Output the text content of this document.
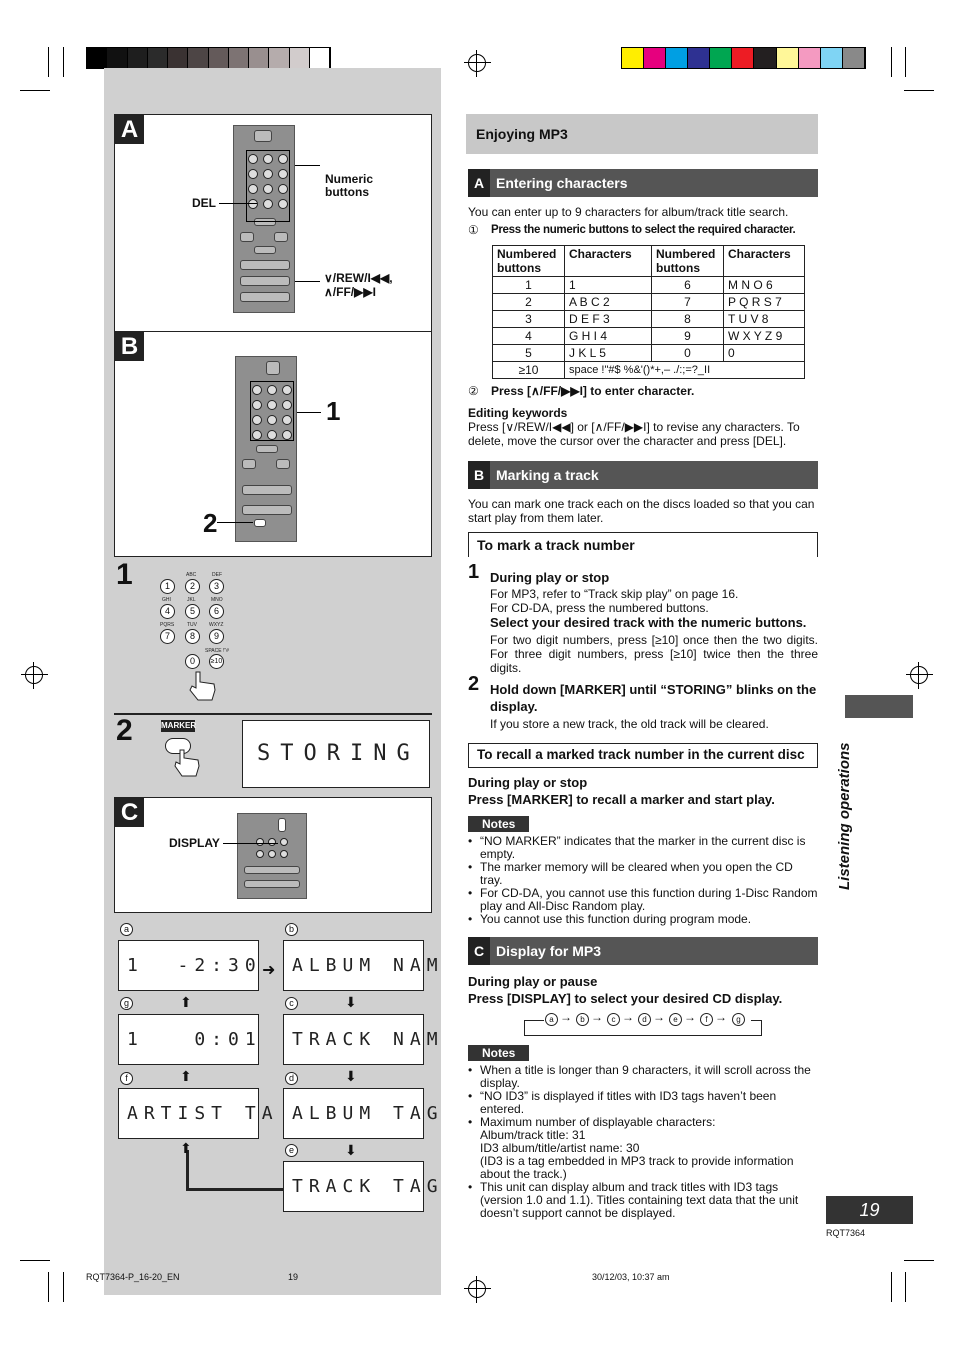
A
Numeric
buttons
DEL
∨/REW/I◀◀,
∧/FF/▶▶I
B
1
2
1	ABC	DEF
1	2	3
GHI	JKL	MNO
4	5	6
PQRS	TUV WXYZ
7	8	9
SPACE !"#
0	≥10
2	MARKER
STORING
C
DISPLAY
a	b
1  -2:30 ➜ ALBUM NAM
g	⬆	c	⬇
1   0:01 TRACK NAM
f	⬆	d	⬇
ARTIST TA ALBUM TAG
e	⬇
TRACK TAG
⬆
Enjoying MP3
A Entering characters
You can enter up to 9 characters for album/track title search.
① Press the numeric buttons to select the required character.
Numbered buttons	Characters	Numbered buttons	Characters
1	1	6	M N O 6
2	A B C 2	7	P Q R S 7
3	D E F 3	8	T U V 8
4	G H I 4	9	W X Y Z 9
5	J K L 5	0	0
≥10	space !"#$ %&'()*+,– ./:;=?_II		
② Press [∧/FF/▶▶I] to enter character.
Editing keywords
Press [∨/REW/I◀◀] or [∧/FF/▶▶I] to revise any characters. To delete, move the cursor over the character and press [DEL].
B Marking a track
You can mark one track each on the discs loaded so that you can start play from them later.
To mark a track number
1 During play or stop
For MP3, refer to “Track skip play” on page 16.
For CD-DA, press the numbered buttons.
Select your desired track with the numeric buttons.
For two digit numbers, press [≥10] once then the two digits. For three digit numbers, press [≥10] twice then the three digits.
2 Hold down [MARKER] until “STORING” blinks on the display.
If you store a new track, the old track will be cleared.
To recall a marked track number in the current disc
During play or stop
Press [MARKER] to recall a marker and start play.
Notes
• “NO MARKER” indicates that the marker in the current disc is empty.
• The marker memory will be cleared when you open the CD tray.
• For CD-DA, you cannot use this function during 1-Disc Random play and All-Disc Random play.
• You cannot use this function during program mode.
C Display for MP3
During play or pause
Press [DISPLAY] to select your desired CD display.
a →	b →	c →	d →	e →	f →	g
Notes
• When a title is longer than 9 characters, it will scroll across the display.
• “NO ID3” is displayed if titles with ID3 tags haven’t been entered.
• Maximum number of displayable characters:
Album/track title: 31
ID3 album/title/artist name: 30
(ID3 is a tag embedded in MP3 track to provide information about the track.)
• This unit can display album and track titles with ID3 tags (version 1.0 and 1.1). Titles containing text data that the unit doesn’t support cannot be displayed.
Listening operations
19
RQT7364
RQT7364-P_16-20_EN	19	30/12/03, 10:37 am
